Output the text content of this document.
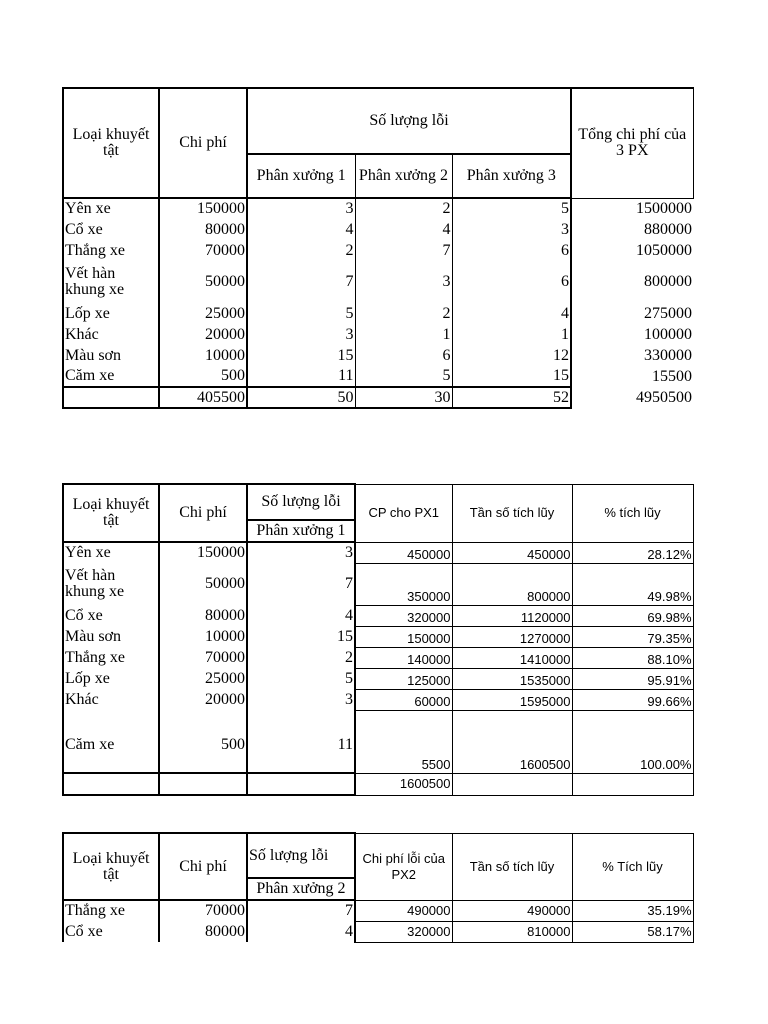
Loại khuyết tật	Chi phí	Số lượng lỗi			Tổng chi phí của 3 PX
		Phân xưởng 1	Phân xưởng 2	Phân xưởng 3	
Yên xe	150000	3	2	5	1500000
Cổ xe	80000	4	4	3	880000
Thắng xe	70000	2	7	6	1050000
Vết hàn khung xe	50000	7	3	6	800000
Lốp xe	25000	5	2	4	275000
Khác	20000	3	1	1	100000
Màu sơn	10000	15	6	12	330000
Căm xe	500	11	5	15	15500
	405500	50	30	52	4950500
Loại khuyết tật	Chi phí	Số lượng lỗi	CP cho PX1	Tần số tích lũy	% tích lũy
		Phân xưởng 1			
Yên xe	150000	3	450000	450000	28.12%
Vết hàn khung xe	50000	7	350000	800000	49.98%
Cổ xe	80000	4	320000	1120000	69.98%
Màu sơn	10000	15	150000	1270000	79.35%
Thắng xe	70000	2	140000	1410000	88.10%
Lốp xe	25000	5	125000	1535000	95.91%
Khác	20000	3	60000	1595000	99.66%
Căm xe	500	11	5500	1600500	100.00%
			1600500		
Loại khuyết tật	Chi phí	Số lượng lỗi	Chi phí lỗi của PX2	Tần số tích lũy	% Tích lũy
		Phân xưởng 2			
Thắng xe	70000	7	490000	490000	35.19%
Cổ xe	80000	4	320000	810000	58.17%
